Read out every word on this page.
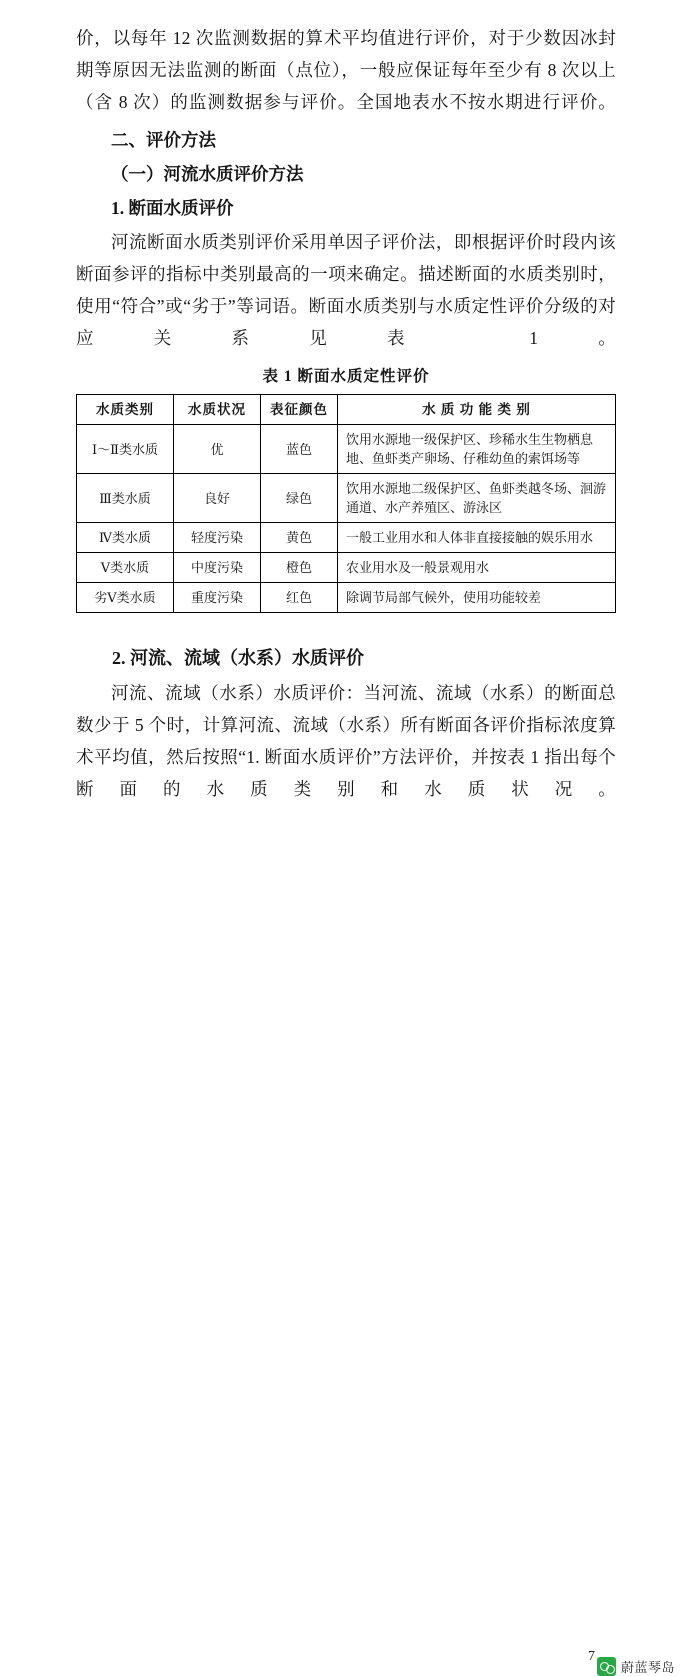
价，以每年 12 次监测数据的算术平均值进行评价，对于少数因冰封期等原因无法监测的断面（点位），一般应保证每年至少有 8 次以上（含 8 次）的监测数据参与评价。全国地表水不按水期进行评价。

二、评价方法
（一）河流水质评价方法
1. 断面水质评价

河流断面水质类别评价采用单因子评价法，即根据评价时段内该断面参评的指标中类别最高的一项来确定。描述断面的水质类别时，使用“符合”或“劣于”等词语。断面水质类别与水质定性评价分级的对应关系见表 1。

表 1 断面水质定性评价
水质类别	水质状况	表征颜色	水 质 功 能 类 别
Ⅰ～Ⅱ类水质	优	蓝色	饮用水源地一级保护区、珍稀水生生物栖息地、鱼虾类产卵场、仔稚幼鱼的索饵场等
Ⅲ类水质	良好	绿色	饮用水源地二级保护区、鱼虾类越冬场、洄游通道、水产养殖区、游泳区
Ⅳ类水质	轻度污染	黄色	一般工业用水和人体非直接接触的娱乐用水
Ⅴ类水质	中度污染	橙色	农业用水及一般景观用水
劣Ⅴ类水质	重度污染	红色	除调节局部气候外，使用功能较差
2. 河流、流域（水系）水质评价

河流、流域（水系）水质评价：当河流、流域（水系）的断面总数少于 5 个时，计算河流、流域（水系）所有断面各评价指标浓度算术平均值，然后按照“1. 断面水质评价”方法评价，并按表 1 指出每个断面的水质类别和水质状况。

7
蔚蓝琴岛
